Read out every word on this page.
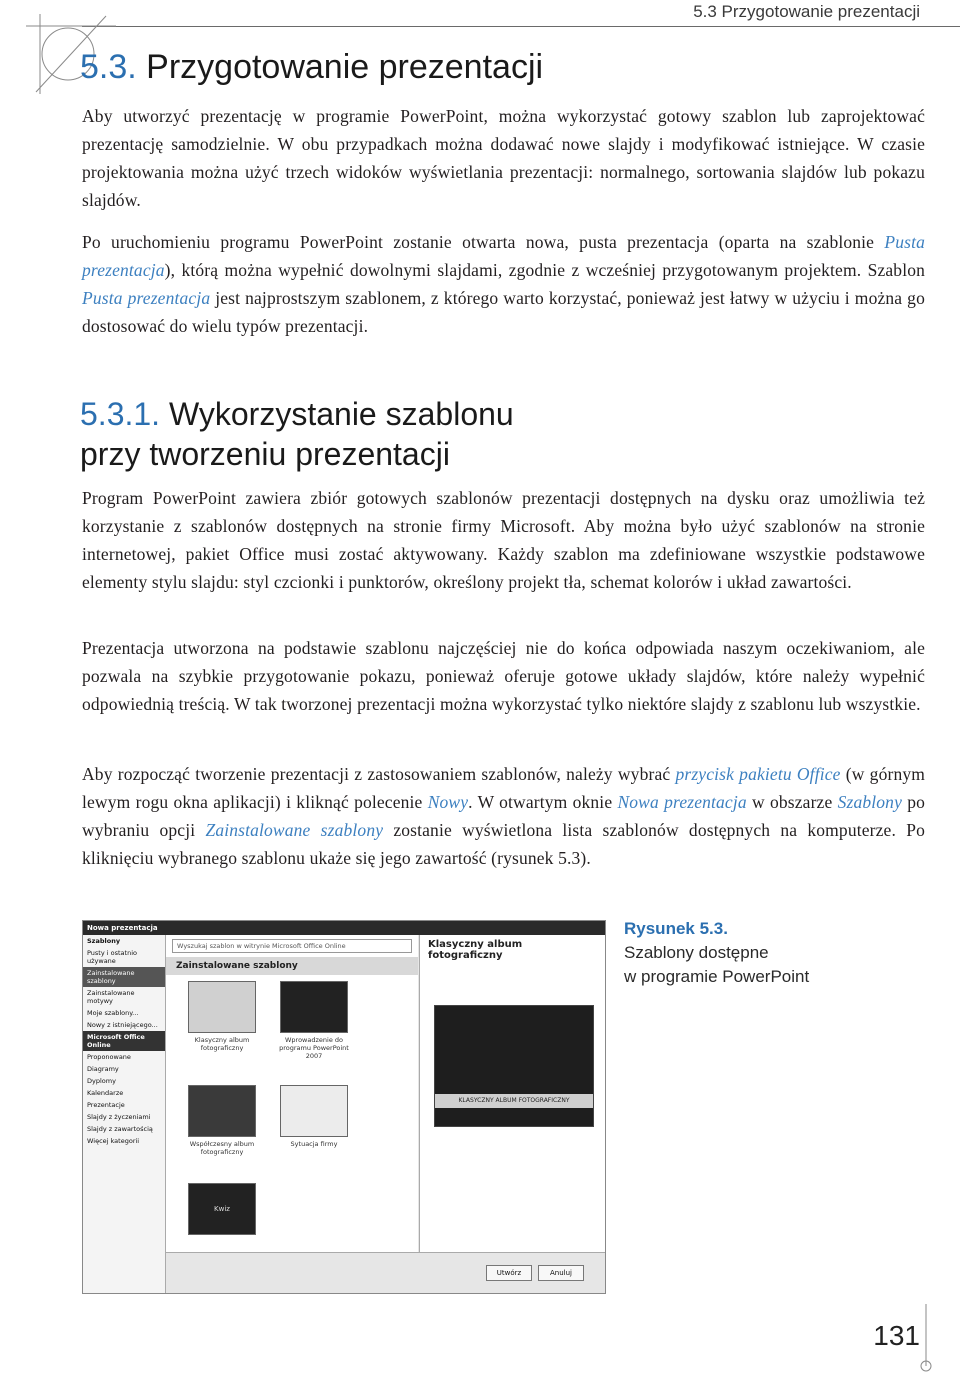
5.3 Przygotowanie prezentacji
5.3. Przygotowanie prezentacji

Aby utworzyć prezentację w programie PowerPoint, można wykorzystać gotowy szablon lub zaprojektować prezentację samodzielnie. W obu przypadkach można dodawać nowe slajdy i modyfikować istniejące. W czasie projektowania można użyć trzech widoków wyświetlania prezentacji: normalnego, sortowania slajdów lub pokazu slajdów.

Po uruchomieniu programu PowerPoint zostanie otwarta nowa, pusta prezentacja (oparta na szablonie Pusta prezentacja), którą można wypełnić dowolnymi slajdami, zgodnie z wcześniej przygotowanym projektem. Szablon Pusta prezentacja jest najprostszym szablonem, z którego warto korzystać, ponieważ jest łatwy w użyciu i można go dostosować do wielu typów prezentacji.

5.3.1. Wykorzystanie szablonu
przy tworzeniu prezentacji

Program PowerPoint zawiera zbiór gotowych szablonów prezentacji dostępnych na dysku oraz umożliwia też korzystanie z szablonów dostępnych na stronie firmy Microsoft. Aby można było użyć szablonów na stronie internetowej, pakiet Office musi zostać aktywowany. Każdy szablon ma zdefiniowane wszystkie podstawowe elementy stylu slajdu: styl czcionki i punktorów, określony projekt tła, schemat kolorów i układ zawartości.

Prezentacja utworzona na podstawie szablonu najczęściej nie do końca odpowiada naszym oczekiwaniom, ale pozwala na szybkie przygotowanie pokazu, ponieważ oferuje gotowe układy slajdów, które należy wypełnić odpowiednią treścią. W tak tworzonej prezentacji można wykorzystać tylko niektóre slajdy z szablonu lub wszystkie.

Aby rozpocząć tworzenie prezentacji z zastosowaniem szablonów, należy wybrać przycisk pakietu Office (w górnym lewym rogu okna aplikacji) i kliknąć polecenie Nowy. W otwartym oknie Nowa prezentacja w obszarze Szablony po wybraniu opcji Zainstalowane szablony zostanie wyświetlona lista szablonów dostępnych na komputerze. Po kliknięciu wybranego szablonu ukaże się jego zawartość (rysunek 5.3).

Nowa prezentacja
Szablony
Pusty i ostatnio używane
Zainstalowane szablony
Zainstalowane motywy
Moje szablony...
Nowy z istniejącego...
Microsoft Office Online
Proponowane
Diagramy
Dyplomy
Kalendarze
Prezentacje
Slajdy z życzeniami
Slajdy z zawartością
Więcej kategorii
Wyszukaj szablon w witrynie Microsoft Office Online
Zainstalowane szablony
Klasyczny album fotograficzny
Wprowadzenie do programu PowerPoint 2007
Współczesny album fotograficzny
Sytuacja firmy
Kwiz
Klasyczny album fotograficzny
KLASYCZNY ALBUM FOTOGRAFICZNY
Utwórz	Anuluj
Rysunek 5.3.
Szablony dostępne
w programie PowerPoint
131
